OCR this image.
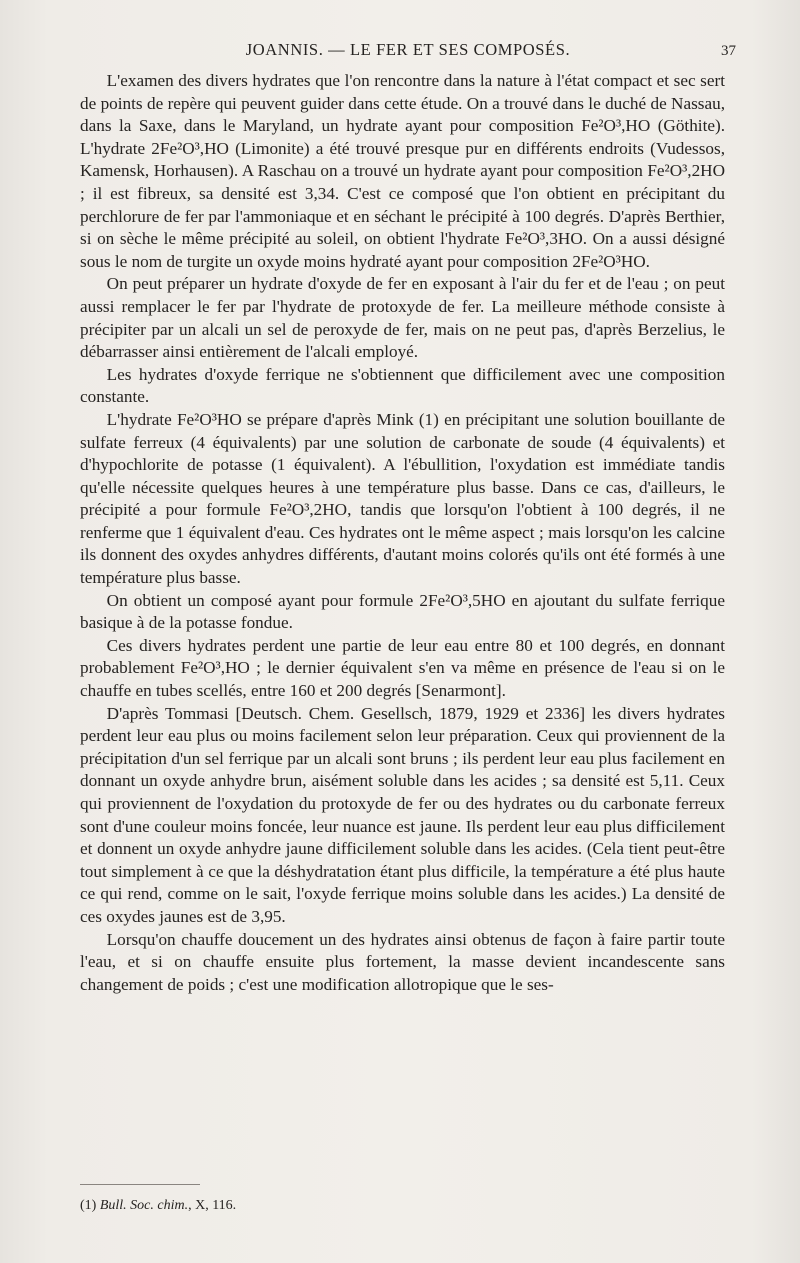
JOANNIS. — LE FER ET SES COMPOSÉS.	37

L'examen des divers hydrates que l'on rencontre dans la nature à l'état compact et sec sert de points de repère qui peuvent guider dans cette étude. On a trouvé dans le duché de Nassau, dans la Saxe, dans le Maryland, un hydrate ayant pour composition Fe²O³,HO (Göthite). L'hydrate 2Fe²O³,HO (Limonite) a été trouvé presque pur en différents endroits (Vudessos, Kamensk, Horhausen). A Raschau on a trouvé un hydrate ayant pour composition Fe²O³,2HO ; il est fibreux, sa densité est 3,34. C'est ce composé que l'on obtient en précipitant du perchlorure de fer par l'ammoniaque et en séchant le précipité à 100 degrés. D'après Berthier, si on sèche le même précipité au soleil, on obtient l'hydrate Fe²O³,3HO. On a aussi désigné sous le nom de turgite un oxyde moins hydraté ayant pour composition 2Fe²O³HO.

On peut préparer un hydrate d'oxyde de fer en exposant à l'air du fer et de l'eau ; on peut aussi remplacer le fer par l'hydrate de protoxyde de fer. La meilleure méthode consiste à précipiter par un alcali un sel de peroxyde de fer, mais on ne peut pas, d'après Berzelius, le débarrasser ainsi entièrement de l'alcali employé.

Les hydrates d'oxyde ferrique ne s'obtiennent que difficilement avec une composition constante.

L'hydrate Fe²O³HO se prépare d'après Mink (1) en précipitant une solution bouillante de sulfate ferreux (4 équivalents) par une solution de carbonate de soude (4 équivalents) et d'hypochlorite de potasse (1 équivalent). A l'ébullition, l'oxydation est immédiate tandis qu'elle nécessite quelques heures à une température plus basse. Dans ce cas, d'ailleurs, le précipité a pour formule Fe²O³,2HO, tandis que lorsqu'on l'obtient à 100 degrés, il ne renferme que 1 équivalent d'eau. Ces hydrates ont le même aspect ; mais lorsqu'on les calcine ils donnent des oxydes anhydres différents, d'autant moins colorés qu'ils ont été formés à une température plus basse.

On obtient un composé ayant pour formule 2Fe²O³,5HO en ajoutant du sulfate ferrique basique à de la potasse fondue.

Ces divers hydrates perdent une partie de leur eau entre 80 et 100 degrés, en donnant probablement Fe²O³,HO ; le dernier équivalent s'en va même en présence de l'eau si on le chauffe en tubes scellés, entre 160 et 200 degrés [Senarmont].

D'après Tommasi [Deutsch. Chem. Gesellsch, 1879, 1929 et 2336] les divers hydrates perdent leur eau plus ou moins facilement selon leur préparation. Ceux qui proviennent de la précipitation d'un sel ferrique par un alcali sont bruns ; ils perdent leur eau plus facilement en donnant un oxyde anhydre brun, aisément soluble dans les acides ; sa densité est 5,11. Ceux qui proviennent de l'oxydation du protoxyde de fer ou des hydrates ou du carbonate ferreux sont d'une couleur moins foncée, leur nuance est jaune. Ils perdent leur eau plus difficilement et donnent un oxyde anhydre jaune difficilement soluble dans les acides. (Cela tient peut-être tout simplement à ce que la déshydratation étant plus difficile, la température a été plus haute ce qui rend, comme on le sait, l'oxyde ferrique moins soluble dans les acides.) La densité de ces oxydes jaunes est de 3,95.

Lorsqu'on chauffe doucement un des hydrates ainsi obtenus de façon à faire partir toute l'eau, et si on chauffe ensuite plus fortement, la masse devient incandescente sans changement de poids ; c'est une modification allotropique que le ses-

(1) Bull. Soc. chim., X, 116.
